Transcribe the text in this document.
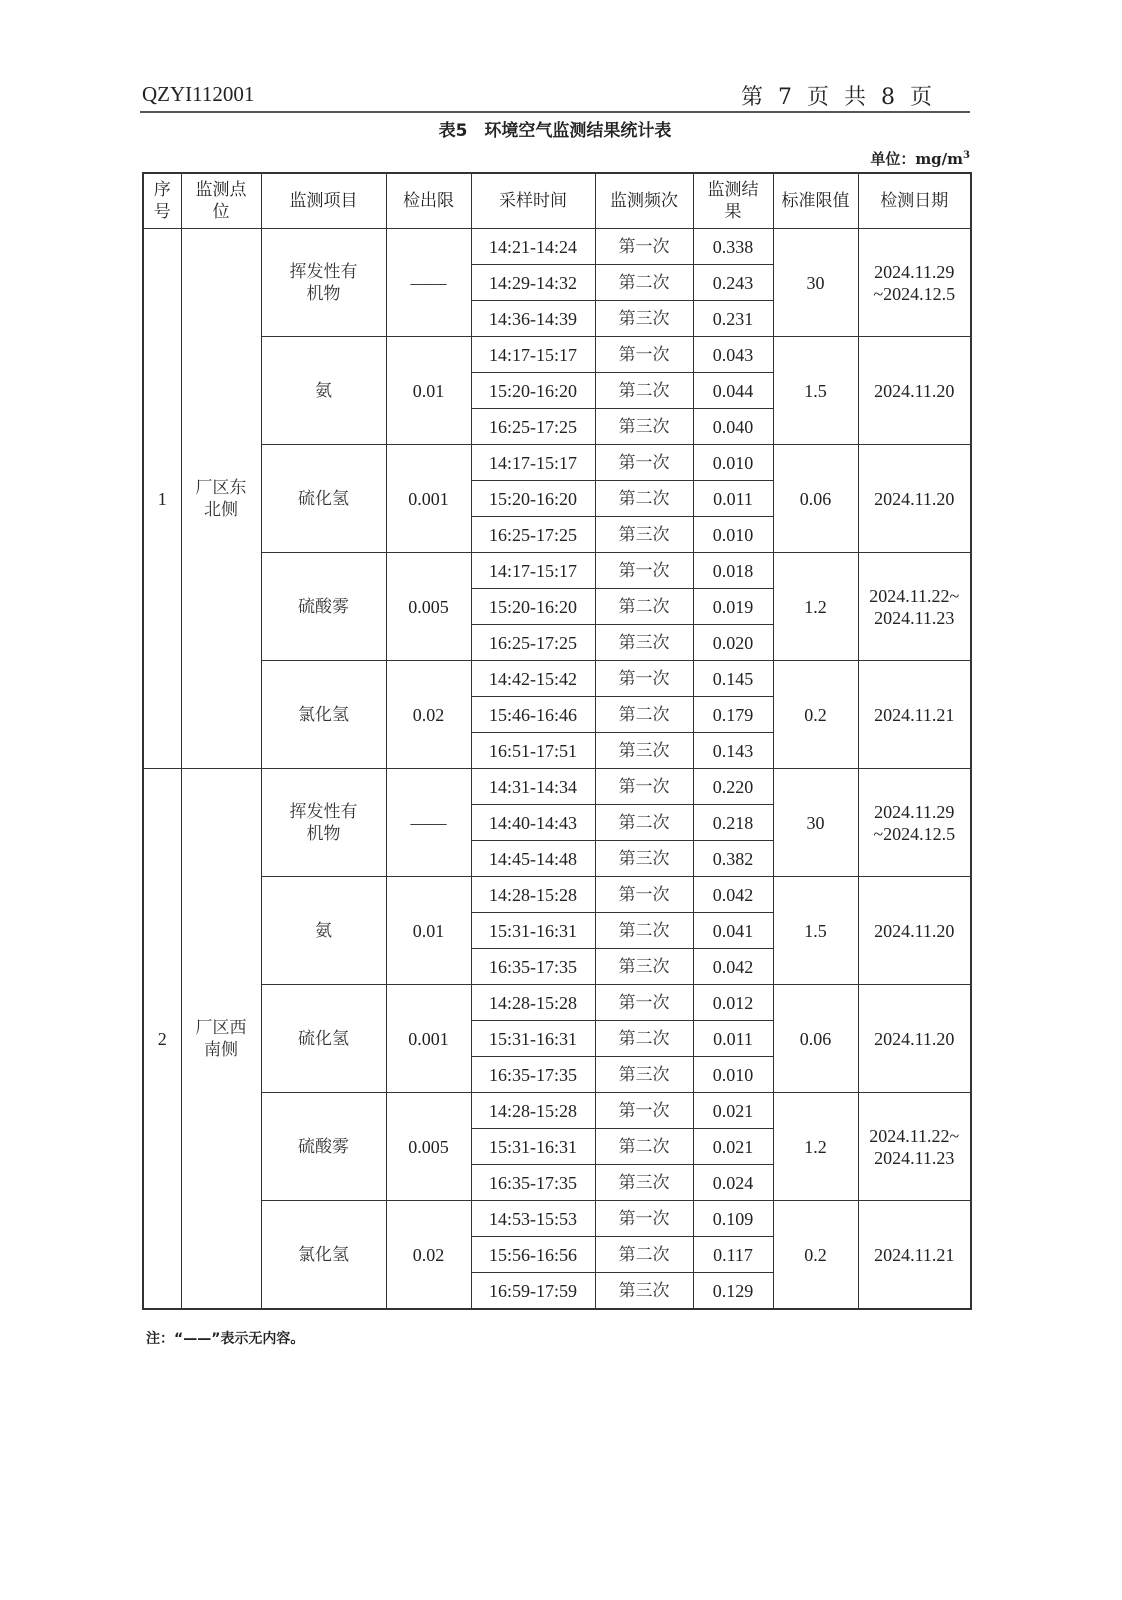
QZYI112001	第 7 页 共 8 页
表5　环境空气监测结果统计表
单位：$mg/m^3$
序号	监测点位	监测项目	检出限	采样时间	监测频次	监测结果	标准限值	检测日期
1	厂区东北侧	挥发性有机物	——	14:21-14:24	第一次	0.338	30	2024.11.29 ~2024.12.5
				14:29-14:32	第二次	0.243		
				14:36-14:39	第三次	0.231		
		氨	0.01	14:17-15:17	第一次	0.043	1.5	2024.11.20
				15:20-16:20	第二次	0.044		
				16:25-17:25	第三次	0.040		
		硫化氢	0.001	14:17-15:17	第一次	0.010	0.06	2024.11.20
				15:20-16:20	第二次	0.011		
				16:25-17:25	第三次	0.010		
		硫酸雾	0.005	14:17-15:17	第一次	0.018	1.2	2024.11.22~ 2024.11.23
				15:20-16:20	第二次	0.019		
				16:25-17:25	第三次	0.020		
		氯化氢	0.02	14:42-15:42	第一次	0.145	0.2	2024.11.21
				15:46-16:46	第二次	0.179		
				16:51-17:51	第三次	0.143		
2	厂区西南侧	挥发性有机物	——	14:31-14:34	第一次	0.220	30	2024.11.29 ~2024.12.5
				14:40-14:43	第二次	0.218		
				14:45-14:48	第三次	0.382		
		氨	0.01	14:28-15:28	第一次	0.042	1.5	2024.11.20
				15:31-16:31	第二次	0.041		
				16:35-17:35	第三次	0.042		
		硫化氢	0.001	14:28-15:28	第一次	0.012	0.06	2024.11.20
				15:31-16:31	第二次	0.011		
				16:35-17:35	第三次	0.010		
		硫酸雾	0.005	14:28-15:28	第一次	0.021	1.2	2024.11.22~ 2024.11.23
				15:31-16:31	第二次	0.021		
				16:35-17:35	第三次	0.024		
		氯化氢	0.02	14:53-15:53	第一次	0.109	0.2	2024.11.21
				15:56-16:56	第二次	0.117		
				16:59-17:59	第三次	0.129		
注：“——”表示无内容。
